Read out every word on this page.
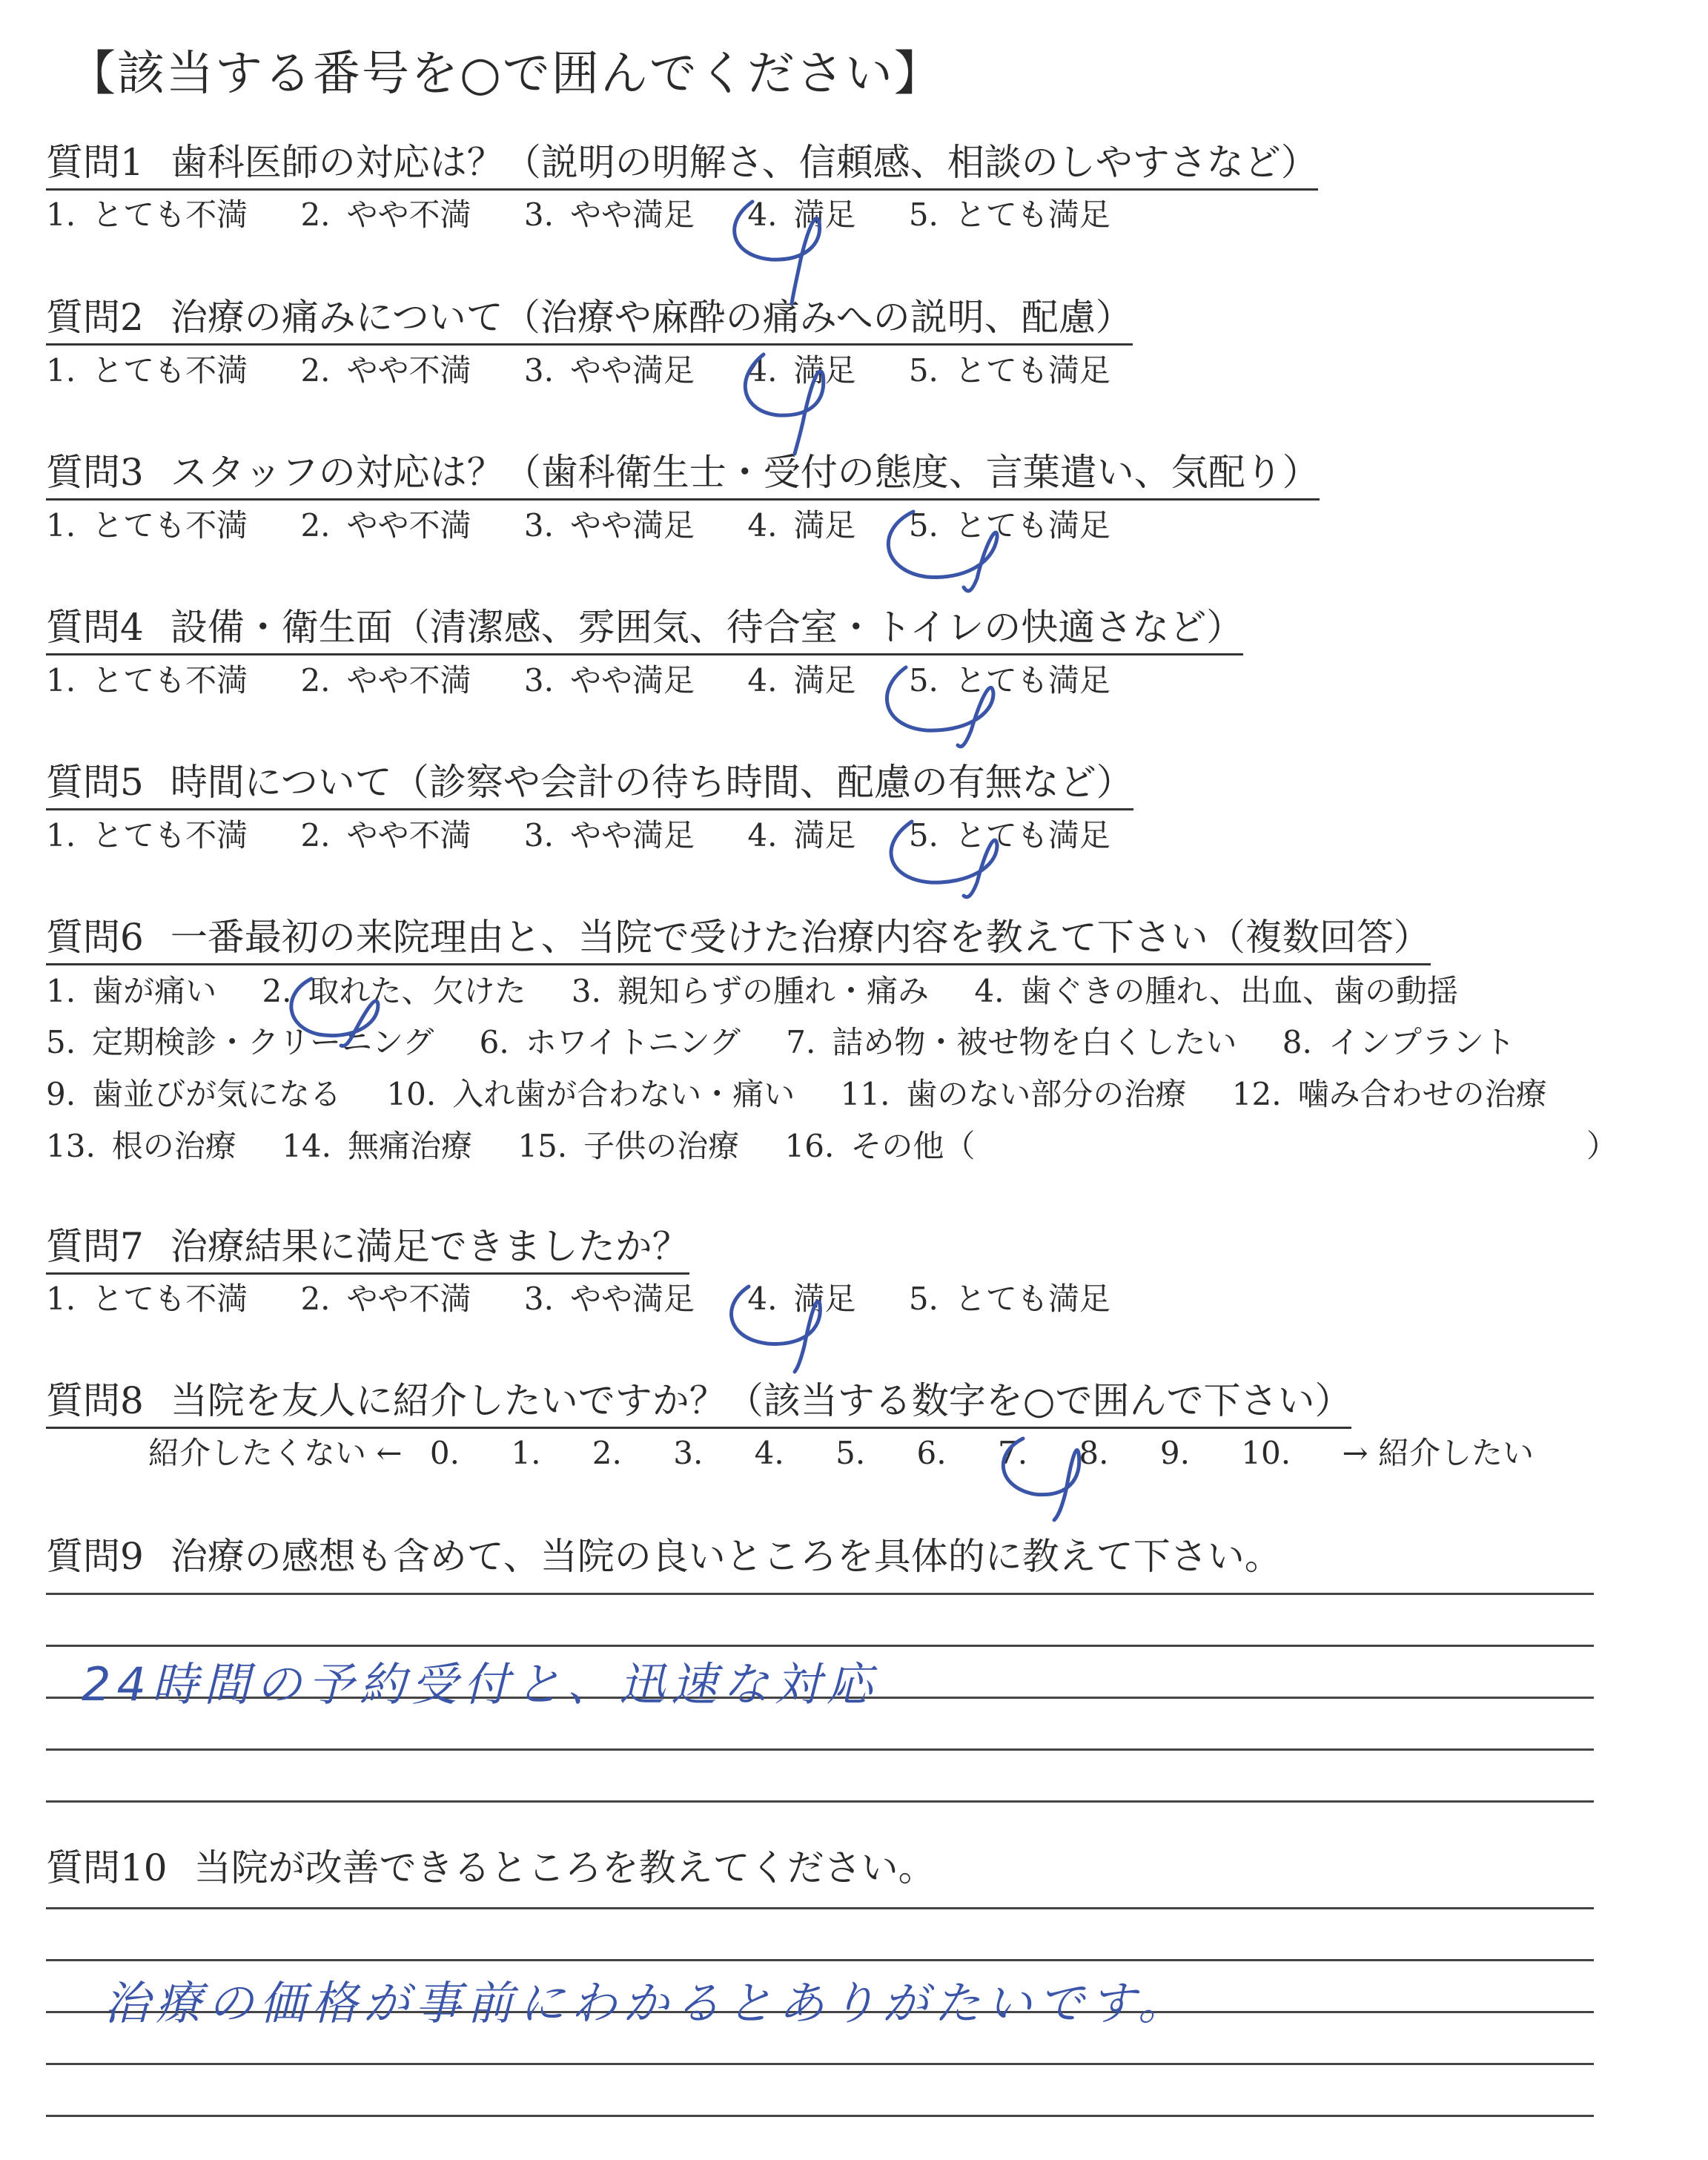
【該当する番号を○で囲んでください】
質問1 歯科医師の対応は？（説明の明解さ、信頼感、相談のしやすさなど）
1. とても不満 2. やや不満 3. やや満足 4. 満足 5. とても満足
質問2 治療の痛みについて（治療や麻酔の痛みへの説明、配慮）
1. とても不満 2. やや不満 3. やや満足 4. 満足 5. とても満足
質問3 スタッフの対応は？（歯科衛生士・受付の態度、言葉遣い、気配り）
1. とても不満 2. やや不満 3. やや満足 4. 満足 5. とても満足
質問4 設備・衛生面（清潔感、雰囲気、待合室・トイレの快適さなど）
1. とても不満 2. やや不満 3. やや満足 4. 満足 5. とても満足
質問5 時間について（診察や会計の待ち時間、配慮の有無など）
1. とても不満 2. やや不満 3. やや満足 4. 満足 5. とても満足
質問6 一番最初の来院理由と、当院で受けた治療内容を教えて下さい（複数回答）
1. 歯が痛い 2. 取れた、欠けた 3. 親知らずの腫れ・痛み 4. 歯ぐきの腫れ、出血、歯の動揺
5. 定期検診・クリーニング 6. ホワイトニング 7. 詰め物・被せ物を白くしたい 8. インプラント
9. 歯並びが気になる 10. 入れ歯が合わない・痛い 11. 歯のない部分の治療 12. 噛み合わせの治療
13. 根の治療 14. 無痛治療 15. 子供の治療 16. その他（	）
質問7 治療結果に満足できましたか？
1. とても不満 2. やや不満 3. やや満足 4. 満足 5. とても満足
質問8 当院を友人に紹介したいですか？（該当する数字を○で囲んで下さい）
紹介したくない ← 0. 1. 2. 3. 4. 5. 6. 7. 8. 9. 10. → 紹介したい
質問9 治療の感想も含めて、当院の良いところを具体的に教えて下さい。
24時間の予約受付と、迅速な対応
質問10 当院が改善できるところを教えてください。
治療の価格が事前にわかるとありがたいです。
